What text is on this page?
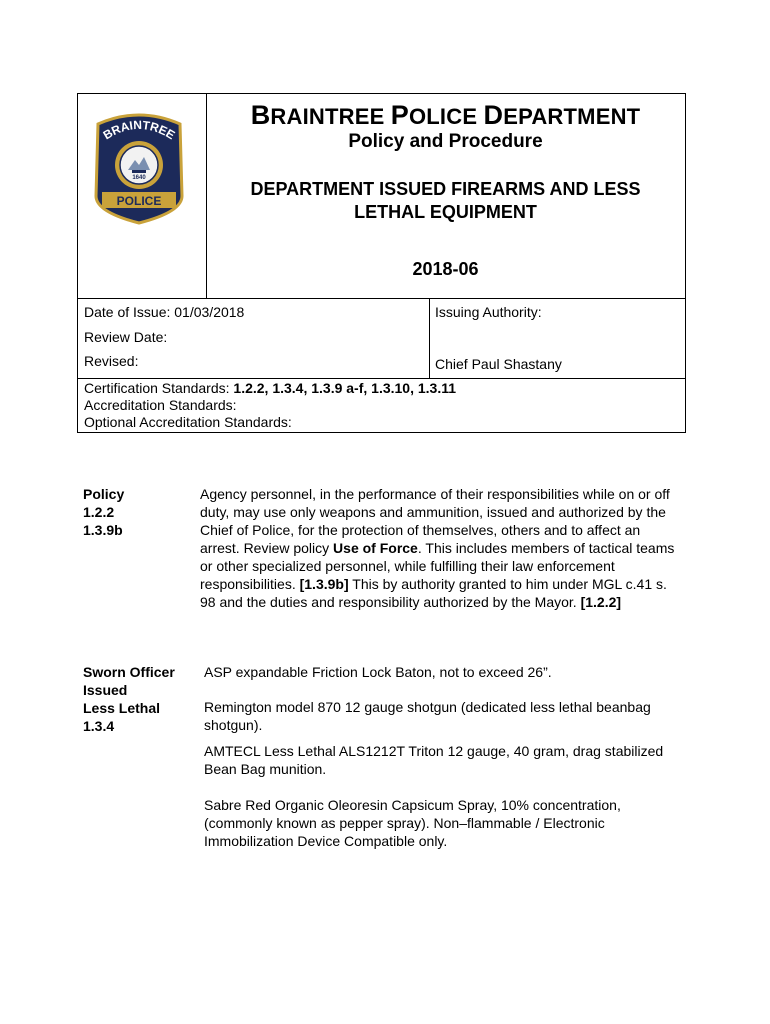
BRAINTREE
1640
POLICE
BRAINTREE POLICE DEPARTMENT
Policy and Procedure
DEPARTMENT ISSUED FIREARMS AND LESS LETHAL EQUIPMENT
2018-06
Date of Issue: 01/03/2018
Review Date:
Revised:
Issuing Authority:
Chief Paul Shastany
Certification Standards: 1.2.2, 1.3.4, 1.3.9 a-f, 1.3.10, 1.3.11
Accreditation Standards:
Optional Accreditation Standards:
Policy
1.2.2
1.3.9b
Agency personnel, in the performance of their responsibilities while on or off duty, may use only weapons and ammunition, issued and authorized by the Chief of Police, for the protection of themselves, others and to affect an arrest. Review policy Use of Force. This includes members of tactical teams or other specialized personnel, while fulfilling their law enforcement responsibilities. [1.3.9b] This by authority granted to him under MGL c.41 s. 98 and the duties and responsibility authorized by the Mayor. [1.2.2]
Sworn Officer
Issued
Less Lethal
1.3.4
ASP expandable Friction Lock Baton, not to exceed 26”.
Remington model 870 12 gauge shotgun (dedicated less lethal beanbag shotgun).
AMTECL Less Lethal ALS1212T Triton 12 gauge, 40 gram, drag stabilized Bean Bag munition.
Sabre Red Organic Oleoresin Capsicum Spray, 10% concentration, (commonly known as pepper spray). Non–flammable / Electronic Immobilization Device Compatible only.
